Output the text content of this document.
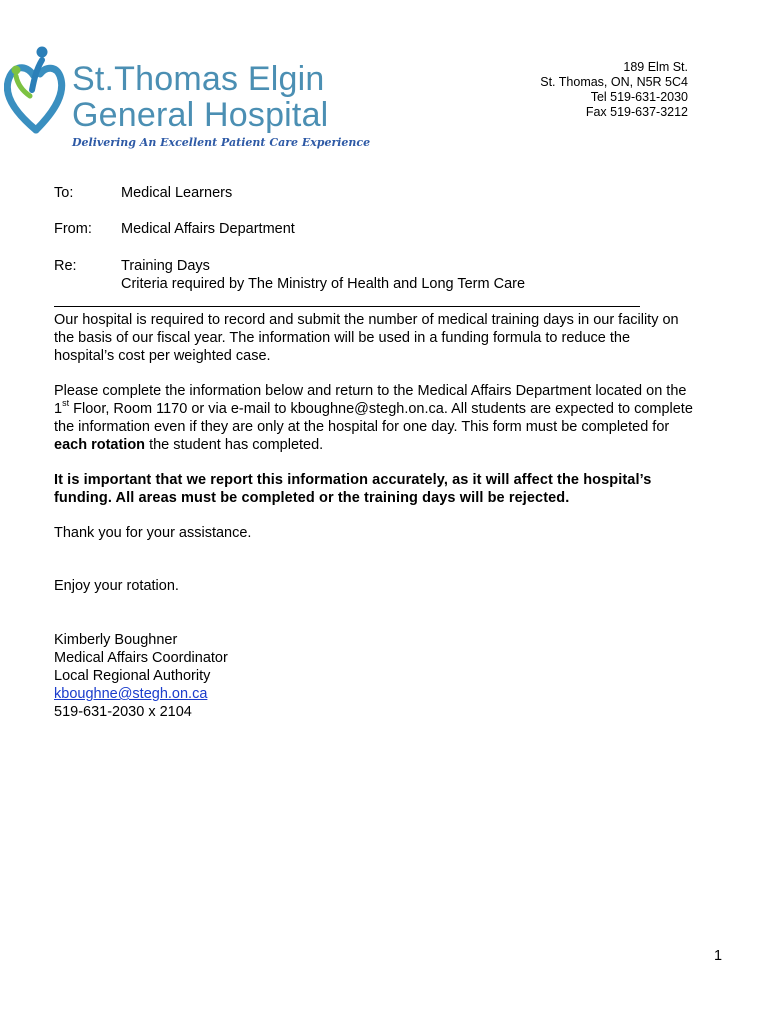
St.Thomas Elgin
General Hospital
Delivering An Excellent Patient Care Experience
189 Elm St.
St. Thomas, ON, N5R 5C4
Tel 519-631-2030
Fax 519-637-3212
To:	Medical Learners
From:	Medical Affairs Department
Re:	Training Days
Criteria required by The Ministry of Health and Long Term Care
Our hospital is required to record and submit the number of medical training days in our facility on
the basis of our fiscal year. The information will be used in a funding formula to reduce the
hospital’s cost per weighted case.
Please complete the information below and return to the Medical Affairs Department located on the
1st Floor, Room 1170 or via e-mail to kboughne@stegh.on.ca. All students are expected to complete
the information even if they are only at the hospital for one day. This form must be completed for
each rotation the student has completed.
It is important that we report this information accurately, as it will affect the hospital’s
funding. All areas must be completed or the training days will be rejected.
Thank you for your assistance.
Enjoy your rotation.
Kimberly Boughner
Medical Affairs Coordinator
Local Regional Authority
kboughne@stegh.on.ca
519-631-2030 x 2104
1
